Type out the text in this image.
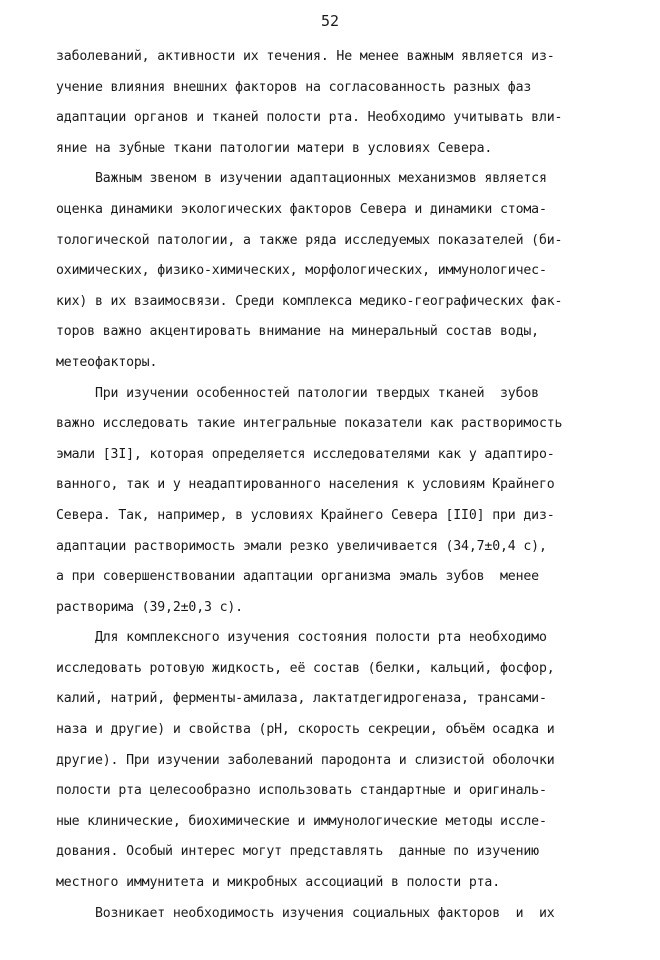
52
заболеваний, активности их течения. Не менее важным является из-
учение влияния внешних факторов на согласованность разных фаз
адаптации органов и тканей полости рта. Необходимо учитывать вли-
яние на зубные ткани патологии матери в условиях Севера.
Важным звеном в изучении адаптационных механизмов является
оценка динамики экологических факторов Севера и динамики стома-
тологической патологии, а также ряда исследуемых показателей (би-
охимических, физико-химических, морфологических, иммунологичес-
ких) в их взаимосвязи. Среди комплекса медико-географических фак-
торов важно акцентировать внимание на минеральный состав воды,
метеофакторы.
При изучении особенностей патологии твердых тканей  зубов
важно исследовать такие интегральные показатели как растворимость
эмали [3I], которая определяется исследователями как у адаптиро-
ванного, так и у неадаптированного населения к условиям Крайнего
Севера. Так, например, в условиях Крайнего Севера [II0] при диз-
адаптации растворимость эмали резко увеличивается (34,7±0,4 с),
а при совершенствовании адаптации организма эмаль зубов  менее
растворима (39,2±0,3 с).
Для комплексного изучения состояния полости рта необходимо
исследовать ротовую жидкость, её состав (белки, кальций, фосфор,
калий, натрий, ферменты-амилаза, лактатдегидрогеназа, трансами-
наза и другие) и свойства (pH, скорость секреции, объём осадка и
другие). При изучении заболеваний пародонта и слизистой оболочки
полости рта целесообразно использовать стандартные и оригиналь-
ные клинические, биохимические и иммунологические методы иссле-
дования. Особый интерес могут представлять  данные по изучению
местного иммунитета и микробных ассоциаций в полости рта.
Возникает необходимость изучения социальных факторов  и  их
